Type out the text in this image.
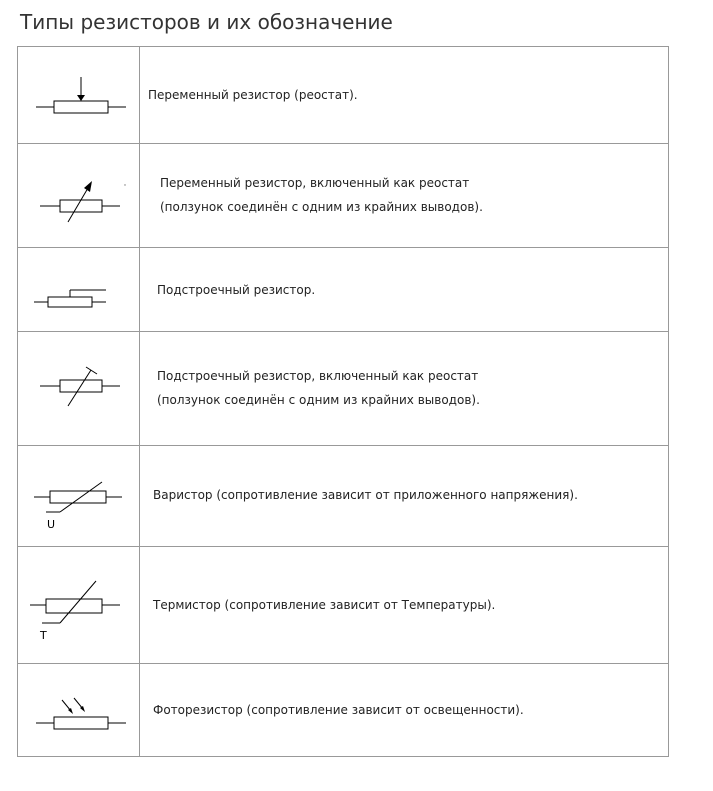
Типы резисторов и их обозначение
Переменный резистор (реостат).
Переменный резистор, включенный как реостат
(ползунок соединён с одним из крайних выводов).
Подстроечный резистор.
Подстроечный резистор, включенный как реостат
(ползунок соединён с одним из крайних выводов).
U
Варистор (сопротивление зависит от приложенного напряжения).
T
Термистор (сопротивление зависит от Температуры).
Фоторезистор (сопротивление зависит от освещенности).
